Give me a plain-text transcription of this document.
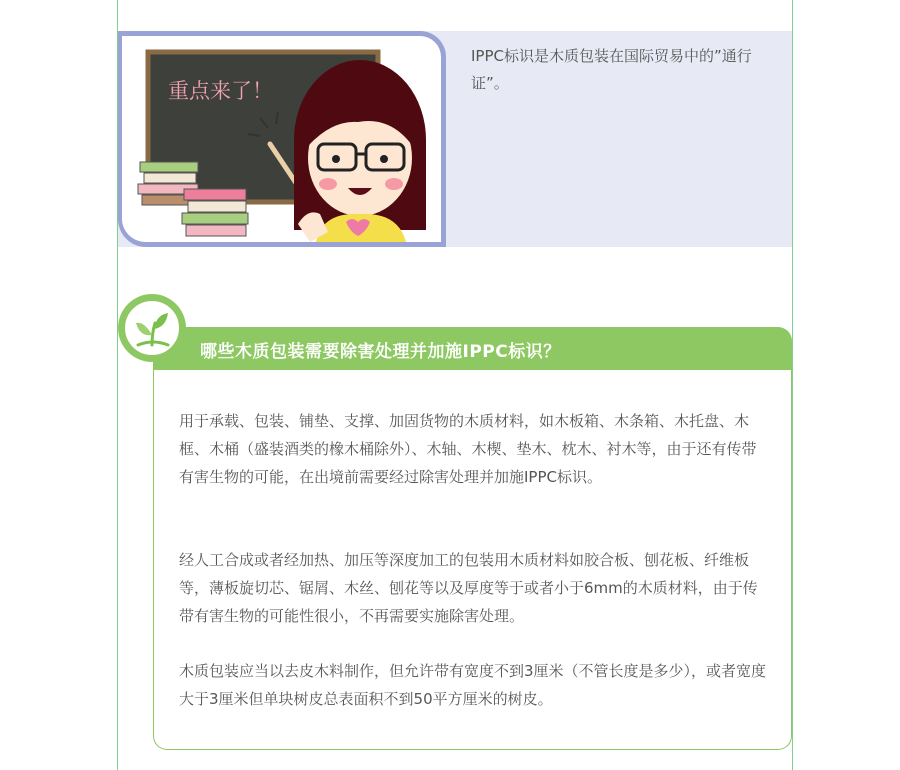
重点来了！

IPPC标识是木质包装在国际贸易中的”通行证”。

哪些木质包装需要除害处理并加施IPPC标识？

用于承载、包装、铺垫、支撑、加固货物的木质材料，如木板箱、木条箱、木托盘、木框、木桶（盛装酒类的橡木桶除外）、木轴、木楔、垫木、枕木、衬木等，由于还有传带有害生物的可能，在出境前需要经过除害处理并加施IPPC标识。

经人工合成或者经加热、加压等深度加工的包装用木质材料如胶合板、刨花板、纤维板等，薄板旋切芯、锯屑、木丝、刨花等以及厚度等于或者小于6mm的木质材料，由于传带有害生物的可能性很小，不再需要实施除害处理。

木质包装应当以去皮木料制作，但允许带有宽度不到3厘米（不管长度是多少），或者宽度大于3厘米但单块树皮总表面积不到50平方厘米的树皮。
